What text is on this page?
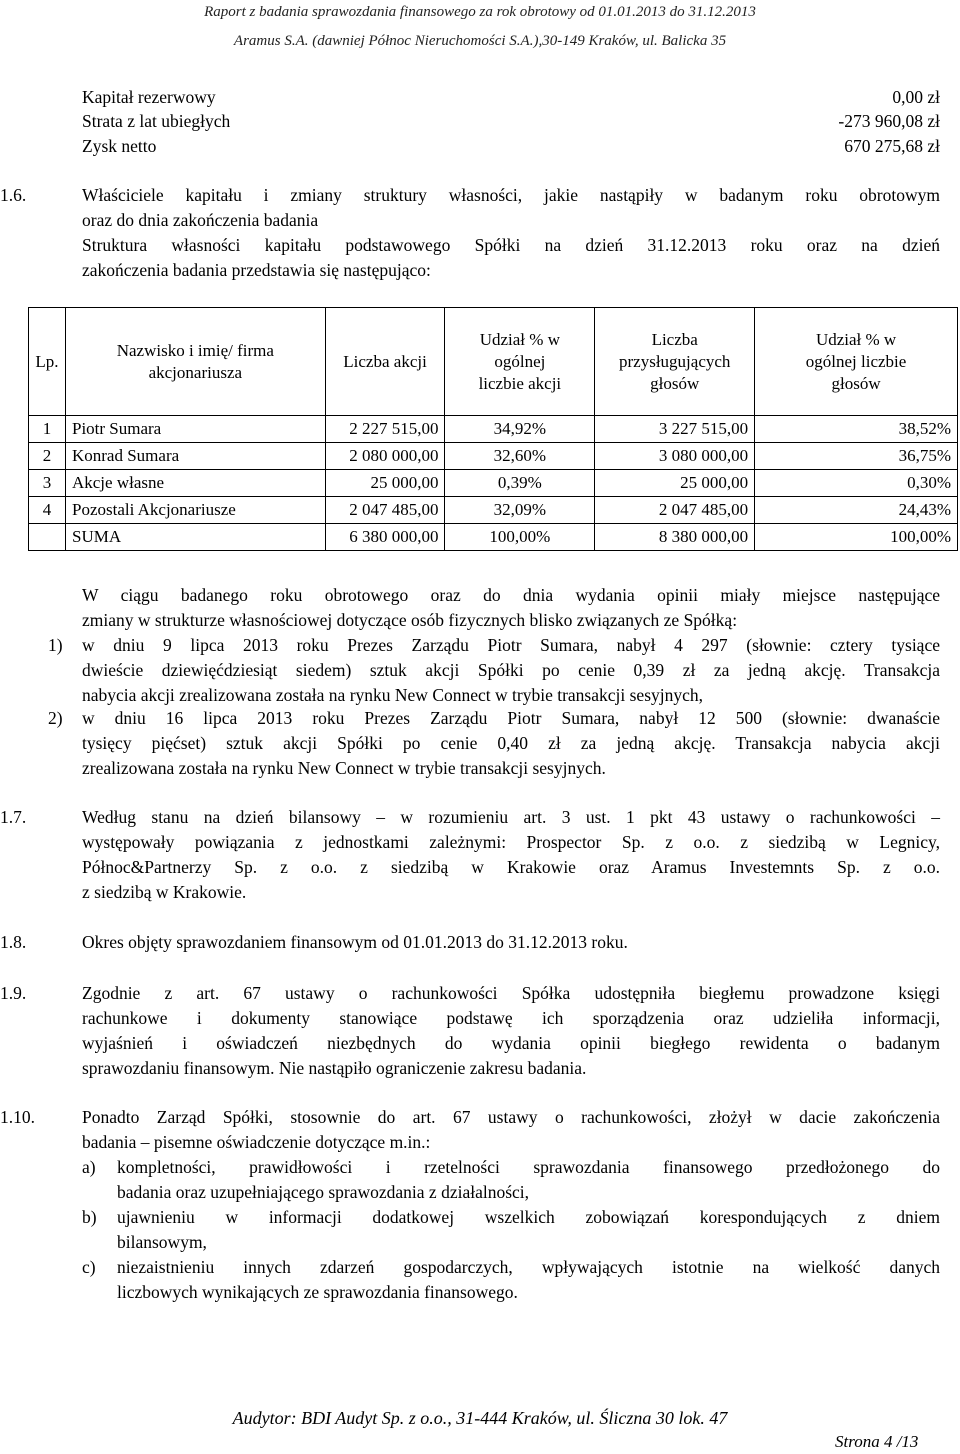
Raport z badania sprawozdania finansowego za rok obrotowy od 01.01.2013 do 31.12.2013
Aramus S.A. (dawniej Północ Nieruchomości S.A.),30-149 Kraków, ul. Balicka 35
Kapitał rezerwowy	0,00 zł
Strata z lat ubiegłych	-273 960,08 zł
Zysk netto	670 275,68 zł
1.6.	Właściciele kapitału i zmiany struktury własności, jakie nastąpiły w badanym roku obrotowym
oraz do dnia zakończenia badania
Struktura własności kapitału podstawowego Spółki na dzień 31.12.2013 roku oraz na dzień
zakończenia badania przedstawia się następująco:
Lp.	Nazwisko i imię/ firma akcjonariusza	Liczba akcji	Udział % w ogólnej liczbie akcji	Liczba przysługujących głosów	Udział % w ogólnej liczbie głosów
1	Piotr Sumara	2 227 515,00	34,92%	3 227 515,00	38,52%
2	Konrad Sumara	2 080 000,00	32,60%	3 080 000,00	36,75%
3	Akcje własne	25 000,00	0,39%	25 000,00	0,30%
4	Pozostali Akcjonariusze	2 047 485,00	32,09%	2 047 485,00	24,43%
	SUMA	6 380 000,00	100,00%	8 380 000,00	100,00%
W ciągu badanego roku obrotowego oraz do dnia wydania opinii miały miejsce następujące
zmiany w strukturze własnościowej dotyczące osób fizycznych blisko związanych ze Spółką:
1) w dniu 9 lipca 2013 roku Prezes Zarządu Piotr Sumara, nabył 4 297 (słownie: cztery tysiące
dwieście dziewięćdziesiąt siedem) sztuk akcji Spółki po cenie 0,39 zł za jedną akcję. Transakcja
nabycia akcji zrealizowana została na rynku New Connect w trybie transakcji sesyjnych,
2) w dniu 16 lipca 2013 roku Prezes Zarządu Piotr Sumara, nabył 12 500 (słownie: dwanaście
tysięcy pięćset) sztuk akcji Spółki po cenie 0,40 zł za jedną akcję. Transakcja nabycia akcji
zrealizowana została na rynku New Connect w trybie transakcji sesyjnych.
1.7.	Według stanu na dzień bilansowy – w rozumieniu art. 3 ust. 1 pkt 43 ustawy o rachunkowości –
występowały powiązania z jednostkami zależnymi: Prospector Sp. z o.o. z siedzibą w Legnicy,
Północ&Partnerzy Sp. z o.o. z siedzibą w Krakowie oraz Aramus Investemnts Sp. z o.o.
z siedzibą w Krakowie.
1.8.	Okres objęty sprawozdaniem finansowym od 01.01.2013 do 31.12.2013 roku.
1.9.	Zgodnie z art. 67 ustawy o rachunkowości Spółka udostępniła biegłemu prowadzone księgi
rachunkowe i dokumenty stanowiące podstawę ich sporządzenia oraz udzieliła informacji,
wyjaśnień i oświadczeń niezbędnych do wydania opinii biegłego rewidenta o badanym
sprawozdaniu finansowym. Nie nastąpiło ograniczenie zakresu badania.
1.10.	Ponadto Zarząd Spółki, stosownie do art. 67 ustawy o rachunkowości, złożył w dacie zakończenia
badania – pisemne oświadczenie dotyczące m.in.:
a) kompletności, prawidłowości i rzetelności sprawozdania finansowego przedłożonego do
badania oraz uzupełniającego sprawozdania z działalności,
b) ujawnieniu w informacji dodatkowej wszelkich zobowiązań korespondujących z dniem
bilansowym,
c) niezaistnieniu innych zdarzeń gospodarczych, wpływających istotnie na wielkość danych
liczbowych wynikających ze sprawozdania finansowego.
Audytor: BDI Audyt Sp. z o.o., 31-444 Kraków, ul. Śliczna 30 lok. 47
Strona 4 /13
